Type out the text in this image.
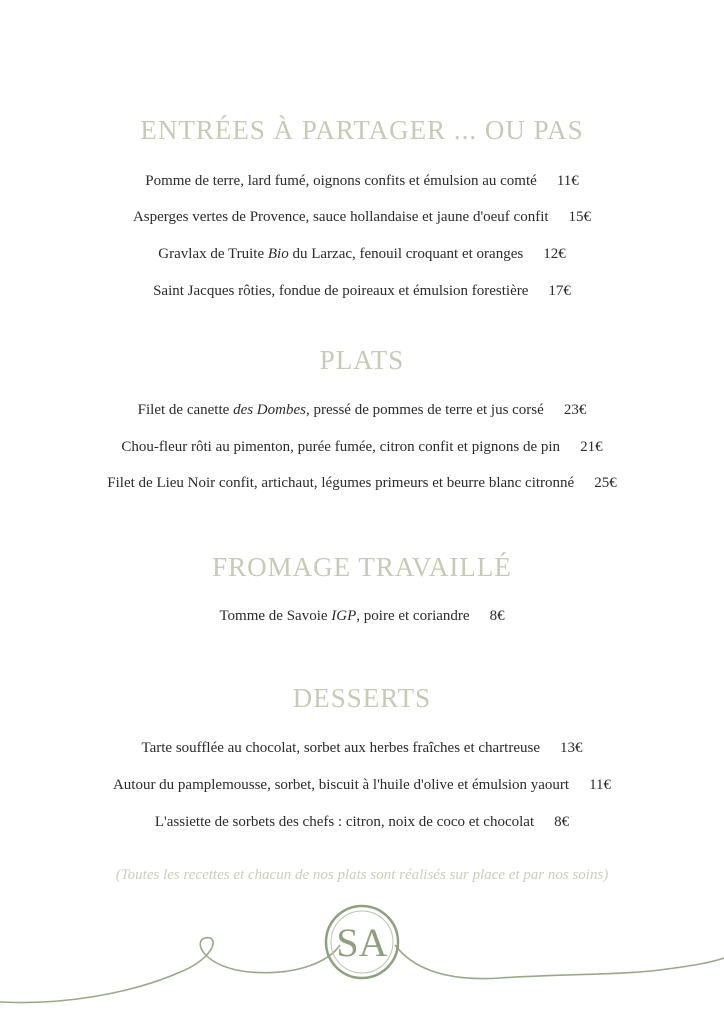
ENTRÉES À PARTAGER ... OU PAS
Pomme de terre, lard fumé, oignons confits et émulsion au comté 11€
Asperges vertes de Provence, sauce hollandaise et jaune d'oeuf confit 15€
Gravlax de Truite Bio du Larzac, fenouil croquant et oranges 12€
Saint Jacques rôties, fondue de poireaux et émulsion forestière 17€
PLATS
Filet de canette des Dombes, pressé de pommes de terre et jus corsé 23€
Chou-fleur rôti au pimenton, purée fumée, citron confit et pignons de pin 21€
Filet de Lieu Noir confit, artichaut, légumes primeurs et beurre blanc citronné 25€
FROMAGE TRAVAILLÉ
Tomme de Savoie IGP, poire et coriandre 8€
DESSERTS
Tarte soufflée au chocolat, sorbet aux herbes fraîches et chartreuse 13€
Autour du pamplemousse, sorbet, biscuit à l'huile d'olive et émulsion yaourt 11€
L'assiette de sorbets des chefs : citron, noix de coco et chocolat 8€
(Toutes les recettes et chacun de nos plats sont réalisés sur place et par nos soins)
SA
